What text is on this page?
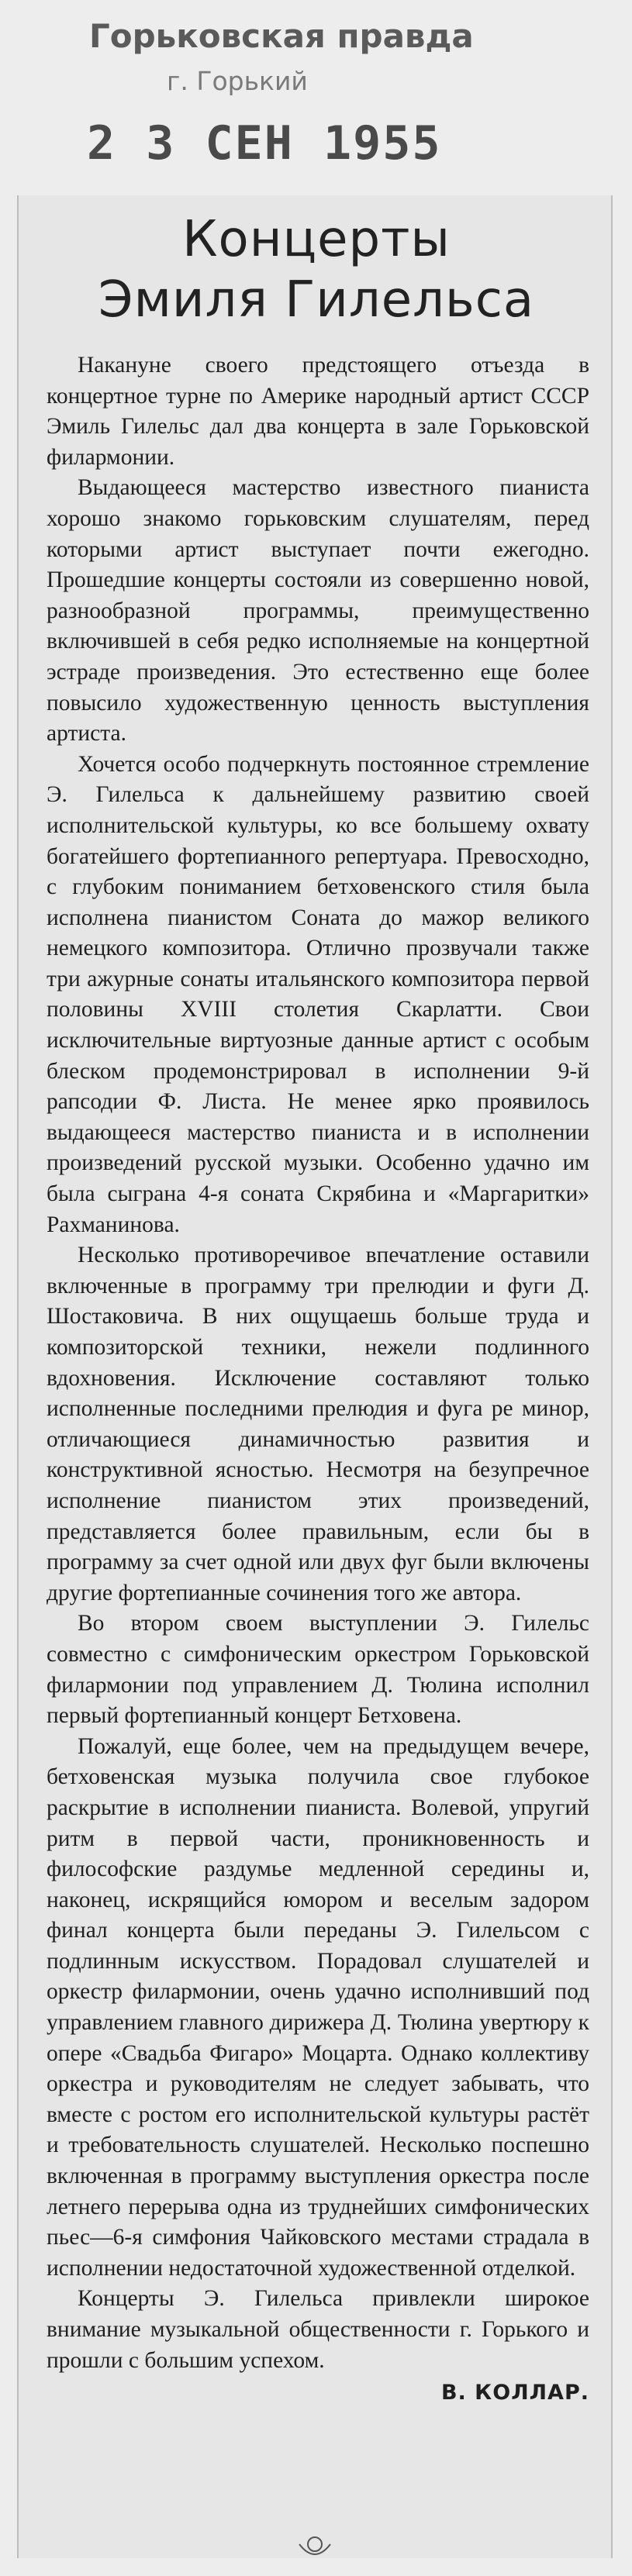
Горьковская правда
г. Горький
2 3 СЕН 1955
Концерты
Эмиля Гилельса

Накануне своего предстоящего отъезда в концертное турне по Америке народный артист СССР Эмиль Гилельс дал два концерта в зале Горьковской филармонии.

Выдающееся мастерство известного пианиста хорошо знакомо горьковским слушателям, перед которыми артист выступает почти ежегодно. Прошедшие концерты состояли из совершенно новой, разнообразной программы, преимущественно включившей в себя редко исполняемые на концертной эстраде произведения. Это естественно еще более повысило художественную ценность выступления артиста.

Хочется особо подчеркнуть постоянное стремление Э. Гилельса к дальнейшему развитию своей исполнительской культуры, ко все большему охвату богатейшего фортепианного репертуара. Превосходно, с глубоким пониманием бетховенского стиля была исполнена пианистом Соната до мажор великого немецкого композитора. Отлично прозвучали также три ажурные сонаты итальянского композитора первой половины XVIII столетия Скарлатти. Свои исключительные виртуозные данные артист с особым блеском продемонстрировал в исполнении 9-й рапсодии Ф. Листа. Не менее ярко проявилось выдающееся мастерство пианиста и в исполнении произведений русской музыки. Особенно удачно им была сыграна 4-я соната Скрябина и «Маргаритки» Рахманинова.

Несколько противоречивое впечатление оставили включенные в программу три прелюдии и фуги Д. Шостаковича. В них ощущаешь больше труда и композиторской техники, нежели подлинного вдохновения. Исключение составляют только исполненные последними прелюдия и фуга ре минор, отличающиеся динамичностью развития и конструктивной ясностью. Несмотря на безупречное исполнение пианистом этих произведений, представляется более правильным, если бы в программу за счет одной или двух фуг были включены другие фортепианные сочинения того же автора.

Во втором своем выступлении Э. Гилельс совместно с симфоническим оркестром Горьковской филармонии под управлением Д. Тюлина исполнил первый фортепианный концерт Бетховена.

Пожалуй, еще более, чем на предыдущем вечере, бетховенская музыка получила свое глубокое раскрытие в исполнении пианиста. Волевой, упругий ритм в первой части, проникновенность и философские раздумье медленной середины и, наконец, искрящийся юмором и веселым задором финал концерта были переданы Э. Гилельсом с подлинным искусством. Порадовал слушателей и оркестр филармонии, очень удачно исполнивший под управлением главного дирижера Д. Тюлина увертюру к опере «Свадьба Фигаро» Моцарта. Однако коллективу оркестра и руководителям не следует забывать, что вместе с ростом его исполнительской культуры растёт и требовательность слушателей. Несколько поспешно включенная в программу выступления оркестра после летнего перерыва одна из труднейших симфонических пьес—6-я симфония Чайковского местами страдала в исполнении недостаточной художественной отделкой.

Концерты Э. Гилельса привлекли широкое внимание музыкальной общественности г. Горького и прошли с большим успехом.

В. КОЛЛАР.
